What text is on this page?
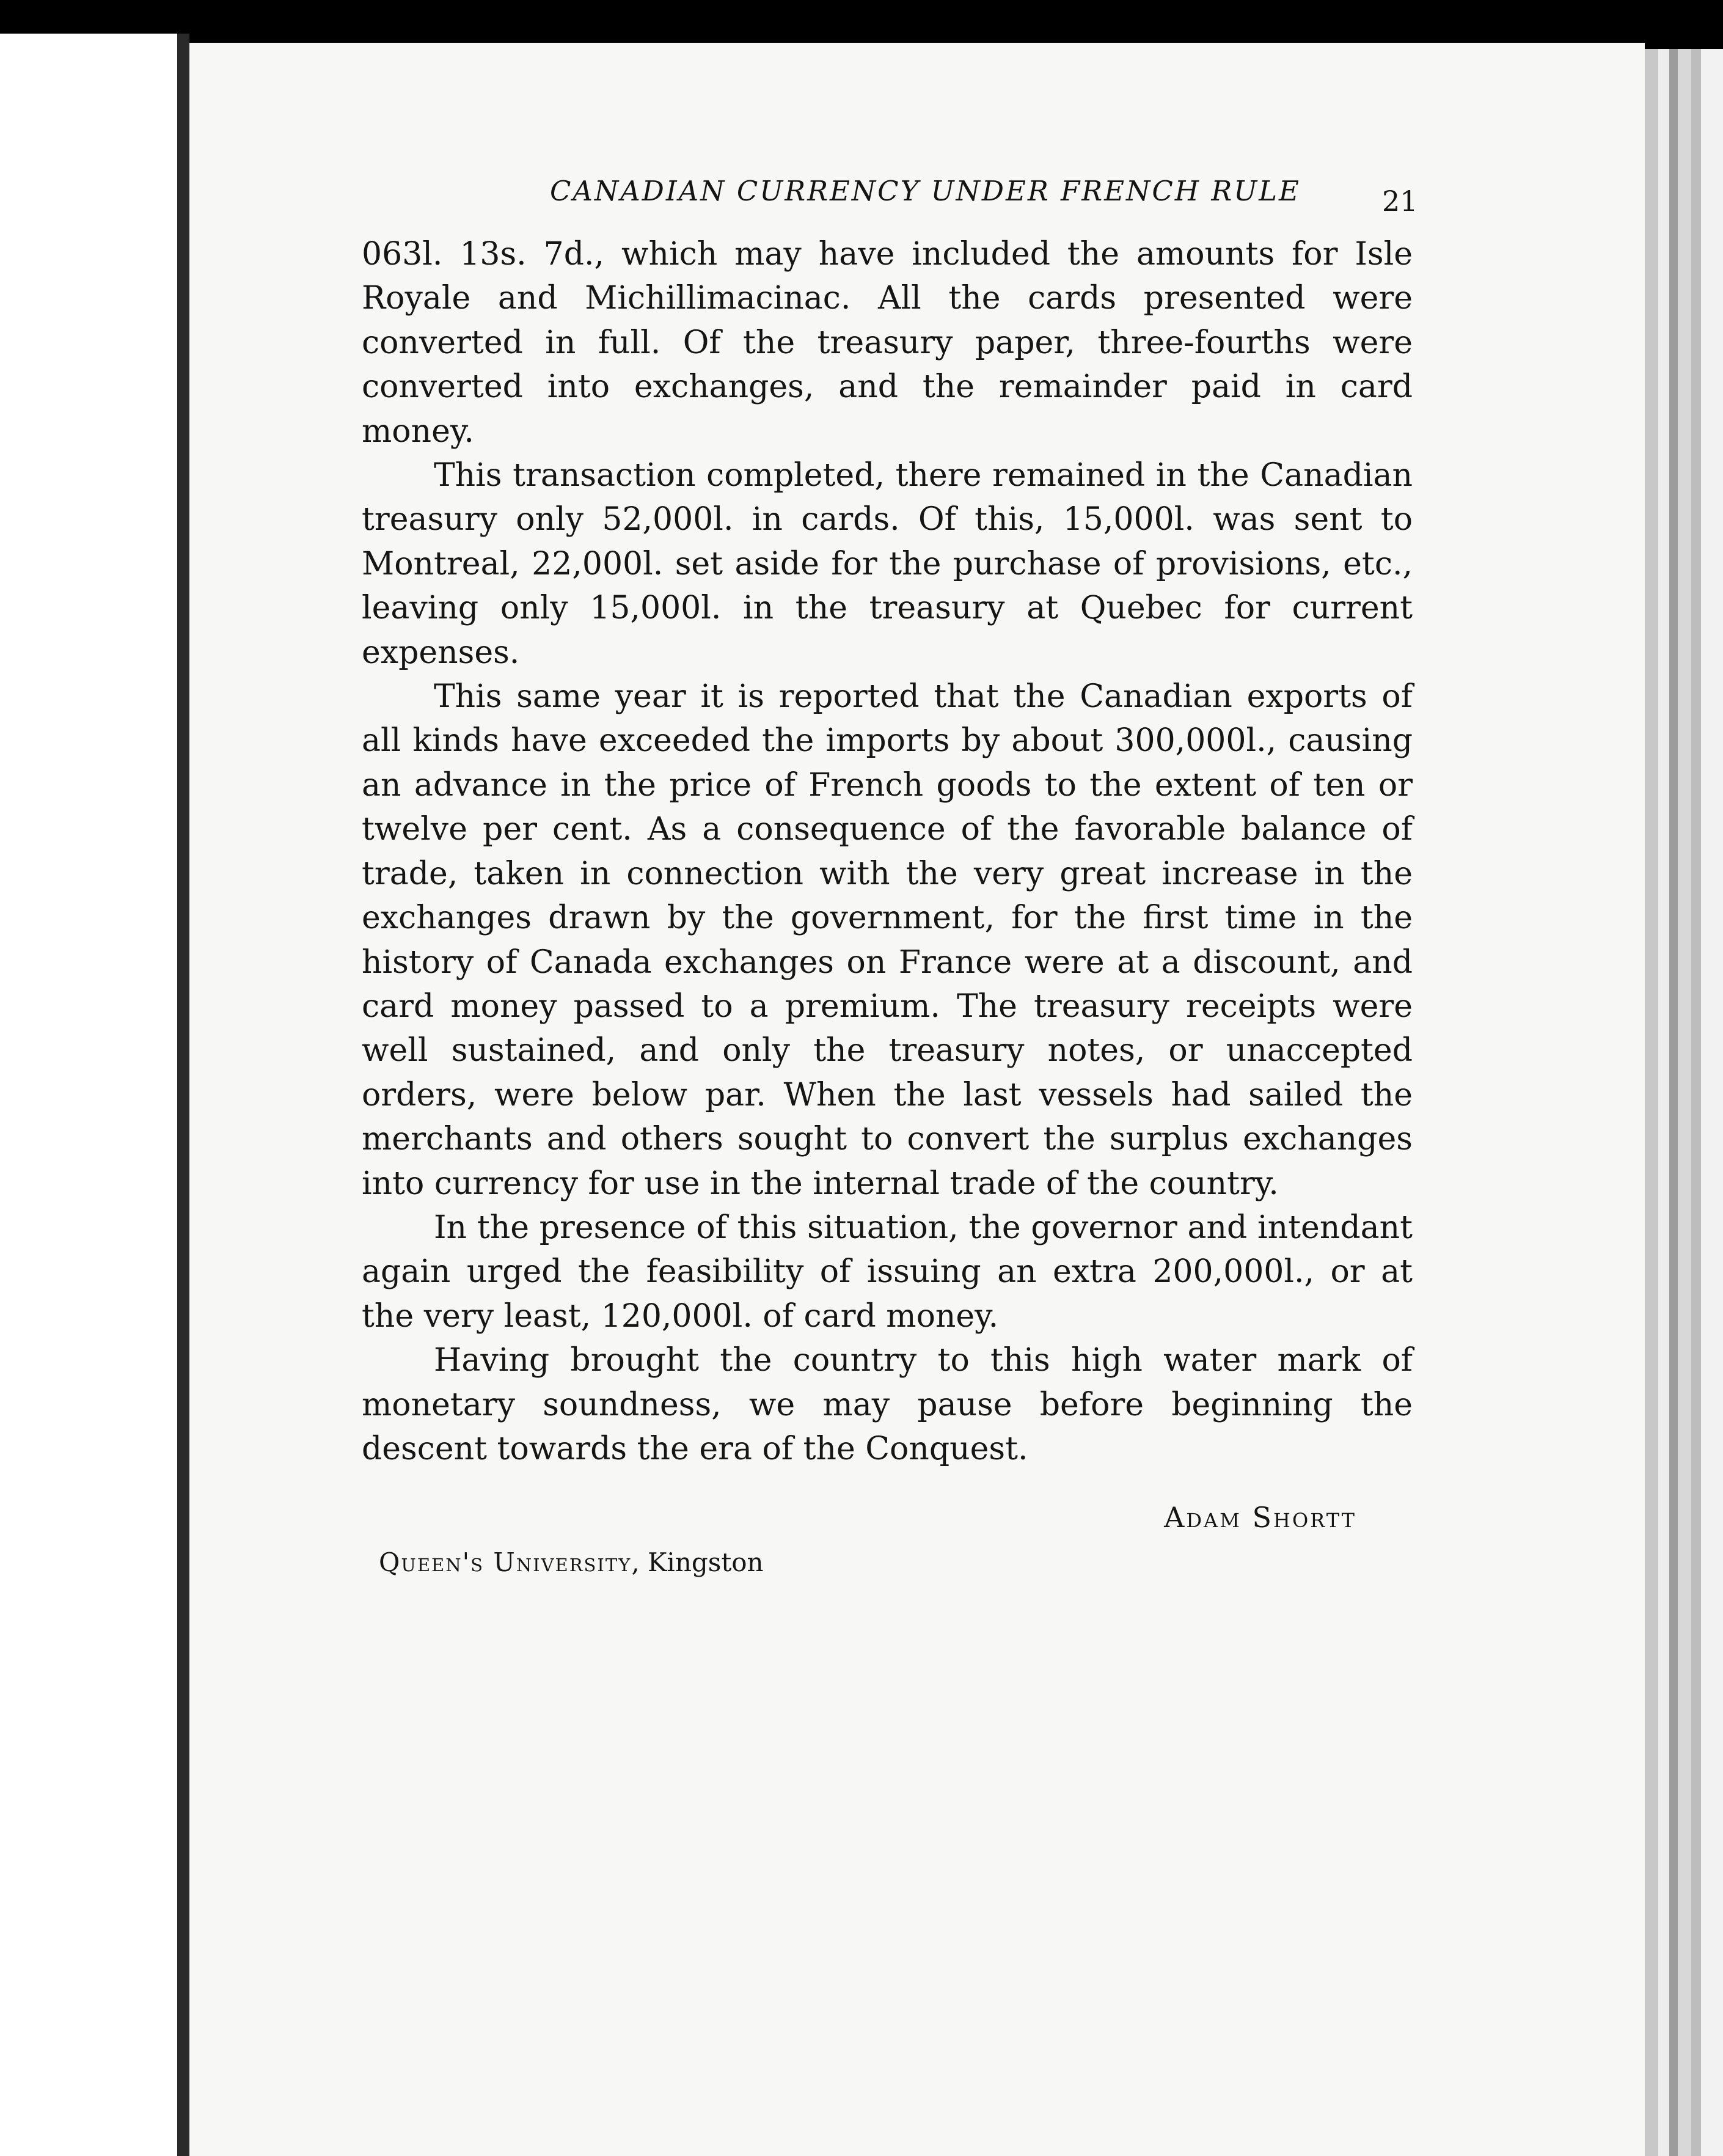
CANADIAN CURRENCY UNDER FRENCH RULE	21

063l. 13s. 7d., which may have included the amounts for Isle Royale and Michillimacinac. All the cards presented were converted in full. Of the treasury paper, three-fourths were converted into exchanges, and the remainder paid in card money.

This transaction completed, there remained in the Canadian treasury only 52,000l. in cards. Of this, 15,000l. was sent to Montreal, 22,000l. set aside for the purchase of provisions, etc., leaving only 15,000l. in the treasury at Quebec for current expenses.

This same year it is reported that the Canadian exports of all kinds have exceeded the imports by about 300,000l., causing an advance in the price of French goods to the extent of ten or twelve per cent. As a consequence of the favorable balance of trade, taken in connection with the very great increase in the exchanges drawn by the government, for the first time in the history of Canada exchanges on France were at a discount, and card money passed to a premium. The treasury receipts were well sustained, and only the treasury notes, or unaccepted orders, were below par. When the last vessels had sailed the merchants and others sought to convert the surplus exchanges into currency for use in the internal trade of the country.

In the presence of this situation, the governor and intendant again urged the feasibility of issuing an extra 200,000l., or at the very least, 120,000l. of card money.

Having brought the country to this high water mark of monetary soundness, we may pause before beginning the descent towards the era of the Conquest.

Adam Shortt
Queen's University, Kingston
